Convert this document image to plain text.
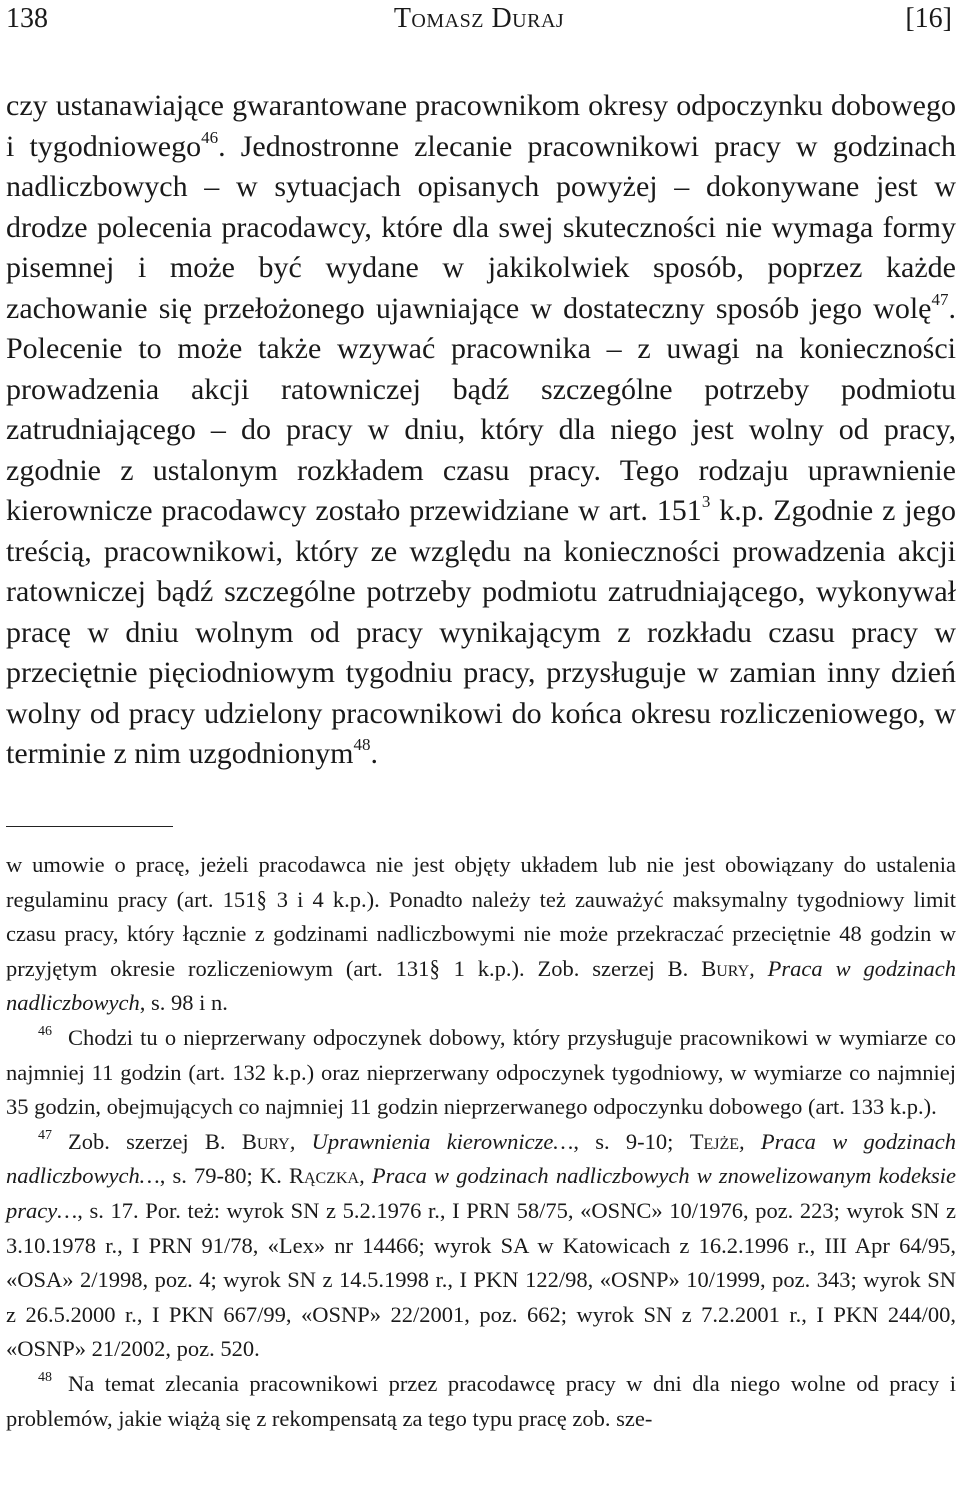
138	Tomasz Duraj	[16]

czy ustanawiające gwarantowane pracownikom okresy odpoczynku dobowego i tygodniowego$^{46}$. Jednostronne zlecanie pracownikowi pracy w godzinach nadliczbowych – w sytuacjach opisanych powyżej – dokonywane jest w drodze polecenia pracodawcy, które dla swej skuteczności nie wymaga formy pisemnej i może być wydane w jakikolwiek sposób, poprzez każde zachowanie się przełożonego ujawniające w dostateczny sposób jego wolę$^{47}$. Polecenie to może także wzywać pracownika – z uwagi na konieczności prowadzenia akcji ratowniczej bądź szczególne potrzeby podmiotu zatrudniającego – do pracy w dniu, który dla niego jest wolny od pracy, zgodnie z ustalonym rozkładem czasu pracy. Tego rodzaju uprawnienie kierownicze pracodawcy zostało przewidziane w art. $151^3$ k.p. Zgodnie z jego treścią, pracownikowi, który ze względu na konieczności prowadzenia akcji ratowniczej bądź szczególne potrzeby podmiotu zatrudniającego, wykonywał pracę w dniu wolnym od pracy wynikającym z rozkładu czasu pracy w przeciętnie pięciodniowym tygodniu pracy, przysługuje w zamian inny dzień wolny od pracy udzielony pracownikowi do końca okresu rozliczeniowego, w terminie z nim uzgodnionym$^{48}$.

w umowie o pracę, jeżeli pracodawca nie jest objęty układem lub nie jest obowiązany do ustalenia regulaminu pracy (art. 151§ 3 i 4 k.p.). Ponadto należy też zauważyć maksymalny tygodniowy limit czasu pracy, który łącznie z godzinami nadliczbowymi nie może przekraczać przeciętnie 48 godzin w przyjętym okresie rozliczeniowym (art. 131§ 1 k.p.). Zob. szerzej B. Bury, Praca w godzinach nadliczbowych, s. 98 i n.

46 Chodzi tu o nieprzerwany odpoczynek dobowy, który przysługuje pracownikowi w wymiarze co najmniej 11 godzin (art. 132 k.p.) oraz nieprzerwany odpoczynek tygodniowy, w wymiarze co najmniej 35 godzin, obejmujących co najmniej 11 godzin nieprzerwanego odpoczynku dobowego (art. 133 k.p.).

47 Zob. szerzej B. Bury, Uprawnienia kierownicze…, s. 9-10; Tejże, Praca w godzinach nadliczbowych…, s. 79-80; K. Rączka, Praca w godzinach nadliczbowych w znowelizowanym kodeksie pracy…, s. 17. Por. też: wyrok SN z 5.2.1976 r., I PRN 58/75, «OSNC» 10/1976, poz. 223; wyrok SN z 3.10.1978 r., I PRN 91/78, «Lex» nr 14466; wyrok SA w Katowicach z 16.2.1996 r., III Apr 64/95, «OSA» 2/1998, poz. 4; wyrok SN z 14.5.1998 r., I PKN 122/98, «OSNP» 10/1999, poz. 343; wyrok SN z 26.5.2000 r., I PKN 667/99, «OSNP» 22/2001, poz. 662; wyrok SN z 7.2.2001 r., I PKN 244/00, «OSNP» 21/2002, poz. 520.

48 Na temat zlecania pracownikowi przez pracodawcę pracy w dni dla niego wolne od pracy i problemów, jakie wiążą się z rekompensatą za tego typu pracę zob. sze-
